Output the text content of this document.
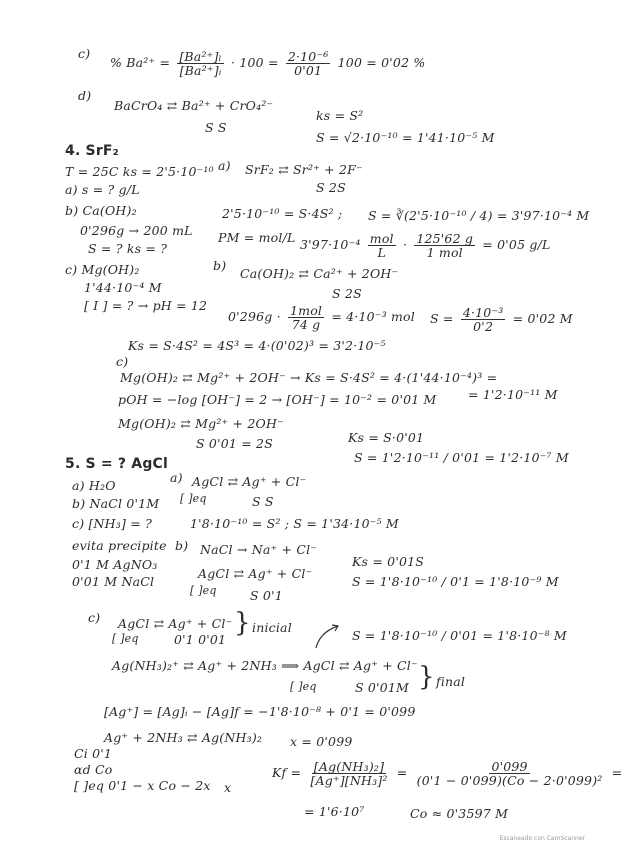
c)
% $Ba^{2+} = \frac{\text{[Ba²⁺]ₗ}}{\text{[Ba²⁺]ᵢ}} \cdot 100 = \frac{\text{2·10⁻⁶}}{0'01} 100 = 0'02$ %
d)
BaCrO₄ ⇄ Ba²⁺ + CrO₄²⁻
S S
ks = S²
S = √2·10⁻¹⁰ = 1'41·10⁻⁵ M
4. SrF₂
T = 25C ks = 2'5·10⁻¹⁰
a) s = ? g/L
b) Ca(OH)₂
0'296g → 200 mL
S = ? ks = ?
c) Mg(OH)₂
1'44·10⁻⁴ M
[ I ] = ? → pH = 12
a) SrF₂ ⇄ Sr²⁺ + 2F⁻
S 2S
2'5·10⁻¹⁰ = S·4S² ; S = ∛(2'5·10⁻¹⁰ / 4) = 3'97·10⁻⁴ M
PM = mol/L $3'97\cdot 10^{-4} \frac{\text{mol}}{L} \cdot \frac{125'62 g}{\text{1 mol}} = 0'05$ g/L
b)
Ca(OH)₂ ⇄ Ca²⁺ + 2OH⁻
S 2S
$0'296g \cdot \frac{\text{1mol}}{74 g} = 4\cdot 10^{-3}$ mol $S = \frac{\text{4·10⁻³}}{0'2} = 0'02$ M
Ks = S·4S² = 4S³ = 4·(0'02)³ = 3'2·10⁻⁵
c)
Mg(OH)₂ ⇄ Mg²⁺ + 2OH⁻ → Ks = S·4S² = 4·(1'44·10⁻⁴)³ =
= 1'2·10⁻¹¹ M
pOH = −log [OH⁻] = 2 → [OH⁻] = 10⁻² = 0'01 M
Mg(OH)₂ ⇄ Mg²⁺ + 2OH⁻
S 0'01 = 2S	Ks = S·0'01
S = 1'2·10⁻¹¹ / 0'01 = 1'2·10⁻⁷ M
5. S = ? AgCl
a) H₂O
b) NaCl 0'1M
c) [NH₃] = ?
evita precipite
0'1 M AgNO₃
0'01 M NaCl
a) AgCl ⇄ Ag⁺ + Cl⁻
[ ]eq	S S
1'8·10⁻¹⁰ = S² ; S = 1'34·10⁻⁵ M
b) NaCl → Na⁺ + Cl⁻
AgCl ⇄ Ag⁺ + Cl⁻
[ ]eq	S 0'1
Ks = 0'01S
S = 1'8·10⁻¹⁰ / 0'1 = 1'8·10⁻⁹ M
c) AgCl ⇄ Ag⁺ + Cl⁻
[ ]eq	0'1 0'01
} inicial
S = 1'8·10⁻¹⁰ / 0'01 = 1'8·10⁻⁸ M
Ag(NH₃)₂⁺ ⇄ Ag⁺ + 2NH₃ ⟹ AgCl ⇄ Ag⁺ + Cl⁻
[ ]eq	S 0'01M } final
[Ag⁺] = [Ag]ᵢ − [Ag]f = −1'8·10⁻⁸ + 0'1 = 0'099
Ag⁺ + 2NH₃ ⇄ Ag(NH₃)₂ x = 0'099
Ci 0'1
αd Co
[ ]eq 0'1 − x Co − 2x x
$Kf = \frac{\text{[Ag(NH₃)₂]}}{\text{[Ag⁺][NH₃]²}} = \frac{0'099}{\text{(0'1 − 0'099)(Co − 2·0'099)²}}$ =
= 1'6·10⁷	Co ≈ 0'3597 M
Escaneado con CamScanner
